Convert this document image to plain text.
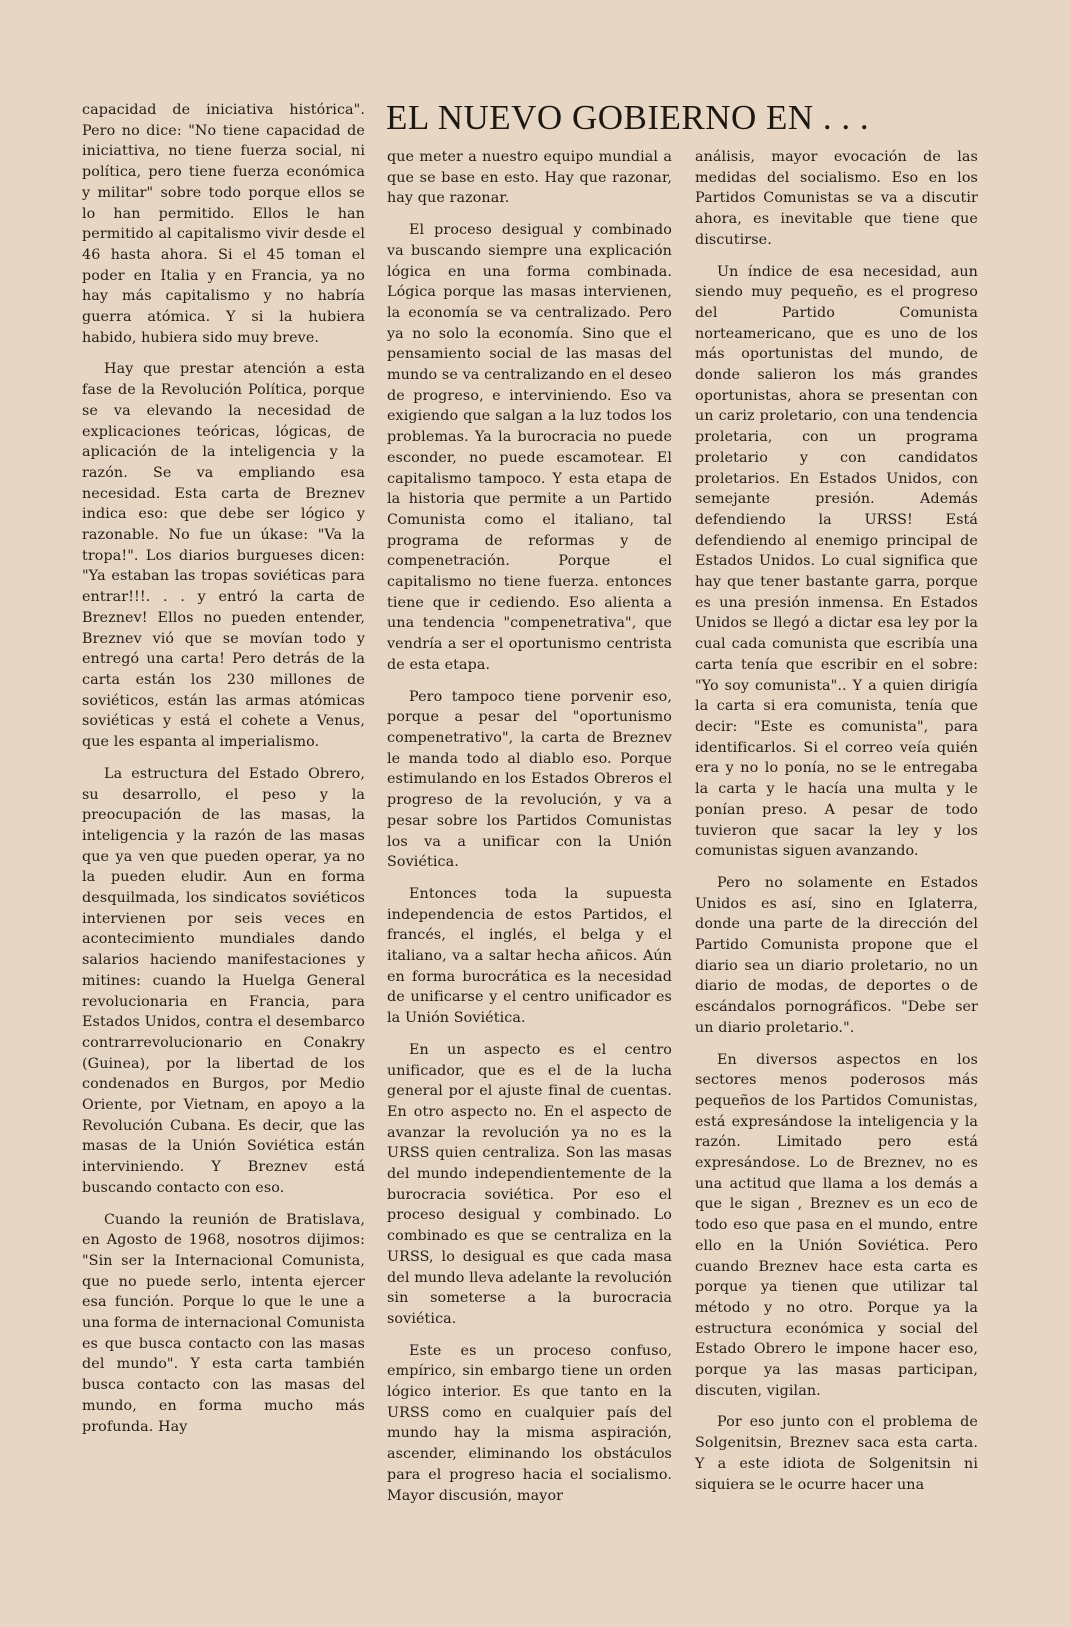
EL NUEVO GOBIERNO EN . . .

capacidad de iniciativa histórica". Pero no dice: "No tiene capacidad de iniciattiva, no tiene fuerza social, ni política, pero tiene fuerza económica y militar" sobre todo porque ellos se lo han permitido. Ellos le han permitido al capitalismo vivir desde el 46 hasta ahora. Si el 45 toman el poder en Italia y en Francia, ya no hay más capitalismo y no habría guerra atómica. Y si la hubiera habido, hubiera sido muy breve.

Hay que prestar atención a esta fase de la Revolución Política, porque se va elevando la necesidad de explicaciones teóricas, lógicas, de aplicación de la inteligencia y la razón. Se va empliando esa necesidad. Esta carta de Breznev indica eso: que debe ser lógico y razonable. No fue un úkase: "Va la tropa!". Los diarios burgueses dicen: "Ya estaban las tropas soviéticas para entrar!!!. . . y entró la carta de Breznev! Ellos no pueden entender, Breznev vió que se movían todo y entregó una carta! Pero detrás de la carta están los 230 millones de soviéticos, están las armas atómicas soviéticas y está el cohete a Venus, que les espanta al imperialismo.

La estructura del Estado Obrero, su desarrollo, el peso y la preocupación de las masas, la inteligencia y la razón de las masas que ya ven que pueden operar, ya no la pueden eludir. Aun en forma desquilmada, los sindicatos soviéticos intervienen por seis veces en acontecimiento mundiales dando salarios haciendo manifestaciones y mitines: cuando la Huelga General revolucionaria en Francia, para Estados Unidos, contra el desembarco contrarrevolucionario en Conakry (Guinea), por la libertad de los condenados en Burgos, por Medio Oriente, por Vietnam, en apoyo a la Revolución Cubana. Es decir, que las masas de la Unión Soviética están interviniendo. Y Breznev está buscando contacto con eso.

Cuando la reunión de Bratislava, en Agosto de 1968, nosotros dijimos: "Sin ser la Internacional Comunista, que no puede serlo, intenta ejercer esa función. Porque lo que le une a una forma de internacional Comunista es que busca contacto con las masas del mundo". Y esta carta también busca contacto con las masas del mundo, en forma mucho más profunda. Hay

que meter a nuestro equipo mundial a que se base en esto. Hay que razonar, hay que razonar.

El proceso desigual y combinado va buscando siempre una explicación lógica en una forma combinada. Lógica porque las masas intervienen, la economía se va centralizado. Pero ya no solo la economía. Sino que el pensamiento social de las masas del mundo se va centralizando en el deseo de progreso, e interviniendo. Eso va exigiendo que salgan a la luz todos los problemas. Ya la burocracia no puede esconder, no puede escamotear. El capitalismo tampoco. Y esta etapa de la historia que permite a un Partido Comunista como el italiano, tal programa de reformas y de compenetración. Porque el capitalismo no tiene fuerza. entonces tiene que ir cediendo. Eso alienta a una tendencia "compenetrativa", que vendría a ser el oportunismo centrista de esta etapa.

Pero tampoco tiene porvenir eso, porque a pesar del "oportunismo compenetrativo", la carta de Breznev le manda todo al diablo eso. Porque estimulando en los Estados Obreros el progreso de la revolución, y va a pesar sobre los Partidos Comunistas los va a unificar con la Unión Soviética.

Entonces toda la supuesta independencia de estos Partidos, el francés, el inglés, el belga y el italiano, va a saltar hecha añicos. Aún en forma burocrática es la necesidad de unificarse y el centro unificador es la Unión Soviética.

En un aspecto es el centro unificador, que es el de la lucha general por el ajuste final de cuentas. En otro aspecto no. En el aspecto de avanzar la revolución ya no es la URSS quien centraliza. Son las masas del mundo independientemente de la burocracia soviética. Por eso el proceso desigual y combinado. Lo combinado es que se centraliza en la URSS, lo desigual es que cada masa del mundo lleva adelante la revolución sin someterse a la burocracia soviética.

Este es un proceso confuso, empírico, sin embargo tiene un orden lógico interior. Es que tanto en la URSS como en cualquier país del mundo hay la misma aspiración, ascender, eliminando los obstáculos para el progreso hacia el socialismo. Mayor discusión, mayor

análisis, mayor evocación de las medidas del socialismo. Eso en los Partidos Comunistas se va a discutir ahora, es inevitable que tiene que discutirse.

Un índice de esa necesidad, aun siendo muy pequeño, es el progreso del Partido Comunista norteamericano, que es uno de los más oportunistas del mundo, de donde salieron los más grandes oportunistas, ahora se presentan con un cariz proletario, con una tendencia proletaria, con un programa proletario y con candidatos proletarios. En Estados Unidos, con semejante presión. Además defendiendo la URSS! Está defendiendo al enemigo principal de Estados Unidos. Lo cual significa que hay que tener bastante garra, porque es una presión inmensa. En Estados Unidos se llegó a dictar esa ley por la cual cada comunista que escribía una carta tenía que escribir en el sobre: "Yo soy comunista".. Y a quien dirigía la carta si era comunista, tenía que decir: "Este es comunista", para identificarlos. Si el correo veía quién era y no lo ponía, no se le entregaba la carta y le hacía una multa y le ponían preso. A pesar de todo tuvieron que sacar la ley y los comunistas siguen avanzando.

Pero no solamente en Estados Unidos es así, sino en Iglaterra, donde una parte de la dirección del Partido Comunista propone que el diario sea un diario proletario, no un diario de modas, de deportes o de escándalos pornográficos. "Debe ser un diario proletario.".

En diversos aspectos en los sectores menos poderosos más pequeños de los Partidos Comunistas, está expresándose la inteligencia y la razón. Limitado pero está expresándose. Lo de Breznev, no es una actitud que llama a los demás a que le sigan , Breznev es un eco de todo eso que pasa en el mundo, entre ello en la Unión Soviética. Pero cuando Breznev hace esta carta es porque ya tienen que utilizar tal método y no otro. Porque ya la estructura económica y social del Estado Obrero le impone hacer eso, porque ya las masas participan, discuten, vigilan.

Por eso junto con el problema de Solgenitsin, Breznev saca esta carta. Y a este idiota de Solgenitsin ni siquiera se le ocurre hacer una
